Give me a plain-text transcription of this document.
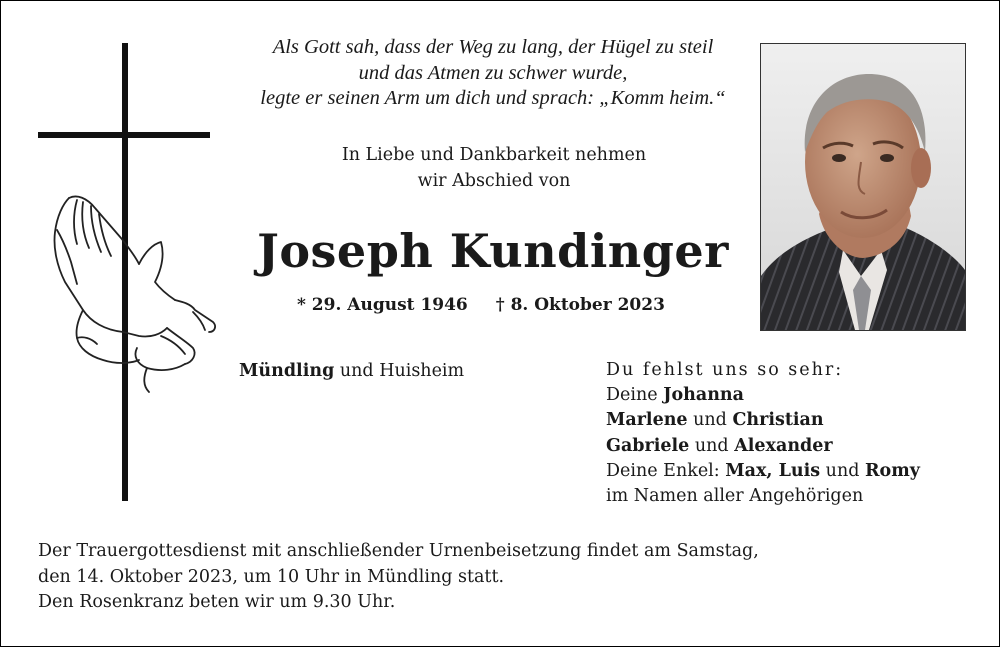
Als Gott sah, dass der Weg zu lang, der Hügel zu steil
und das Atmen zu schwer wurde,
legte er seinen Arm um dich und sprach: „Komm heim.“
In Liebe und Dankbarkeit nehmen
wir Abschied von
Joseph Kundinger
* 29. August 1946 † 8. Oktober 2023
Mündling und Huisheim	Du fehlst uns so sehr:
Deine Johanna
Marlene und Christian
Gabriele und Alexander
Deine Enkel: Max, Luis und Romy
im Namen aller Angehörigen
Der Trauergottesdienst mit anschließender Urnenbeisetzung findet am Samstag,
den 14. Oktober 2023, um 10 Uhr in Mündling statt.
Den Rosenkranz beten wir um 9.30 Uhr.
